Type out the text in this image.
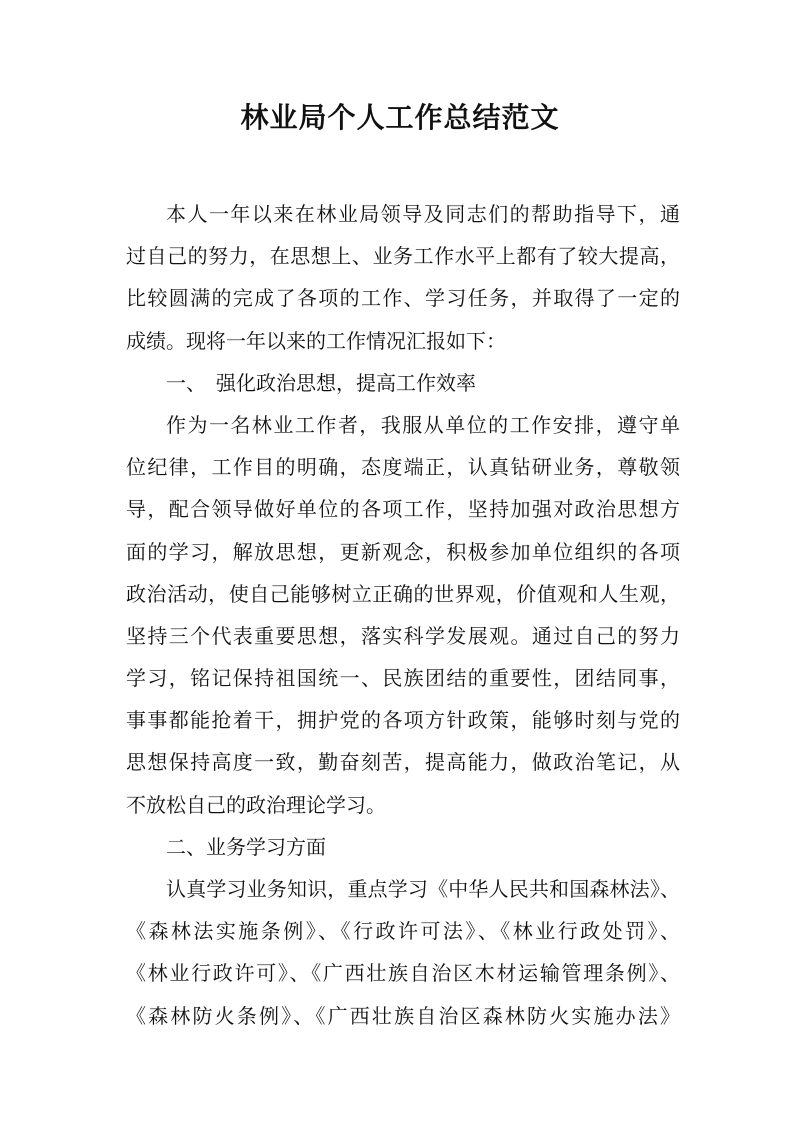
林业局个人工作总结范文
本人一年以来在林业局领导及同志们的帮助指导下，通
过自己的努力，在思想上、业务工作水平上都有了较大提高，
比较圆满的完成了各项的工作、学习任务，并取得了一定的
成绩。现将一年以来的工作情况汇报如下：
一、　强化政治思想，提高工作效率
作为一名林业工作者，我服从单位的工作安排，遵守单
位纪律，工作目的明确，态度端正，认真钻研业务，尊敬领
导，配合领导做好单位的各项工作，坚持加强对政治思想方
面的学习，解放思想，更新观念，积极参加单位组织的各项
政治活动，使自己能够树立正确的世界观，价值观和人生观，
坚持三个代表重要思想，落实科学发展观。通过自己的努力
学习，铭记保持祖国统一、民族团结的重要性，团结同事，
事事都能抢着干，拥护党的各项方针政策，能够时刻与党的
思想保持高度一致，勤奋刻苦，提高能力，做政治笔记，从
不放松自己的政治理论学习。
二、业务学习方面
认真学习业务知识，重点学习《中华人民共和国森林法》、
《森林法实施条例》、《行政许可法》、《林业行政处罚》、
《林业行政许可》、《广西壮族自治区木材运输管理条例》、
《森林防火条例》、《广西壮族自治区森林防火实施办法》
